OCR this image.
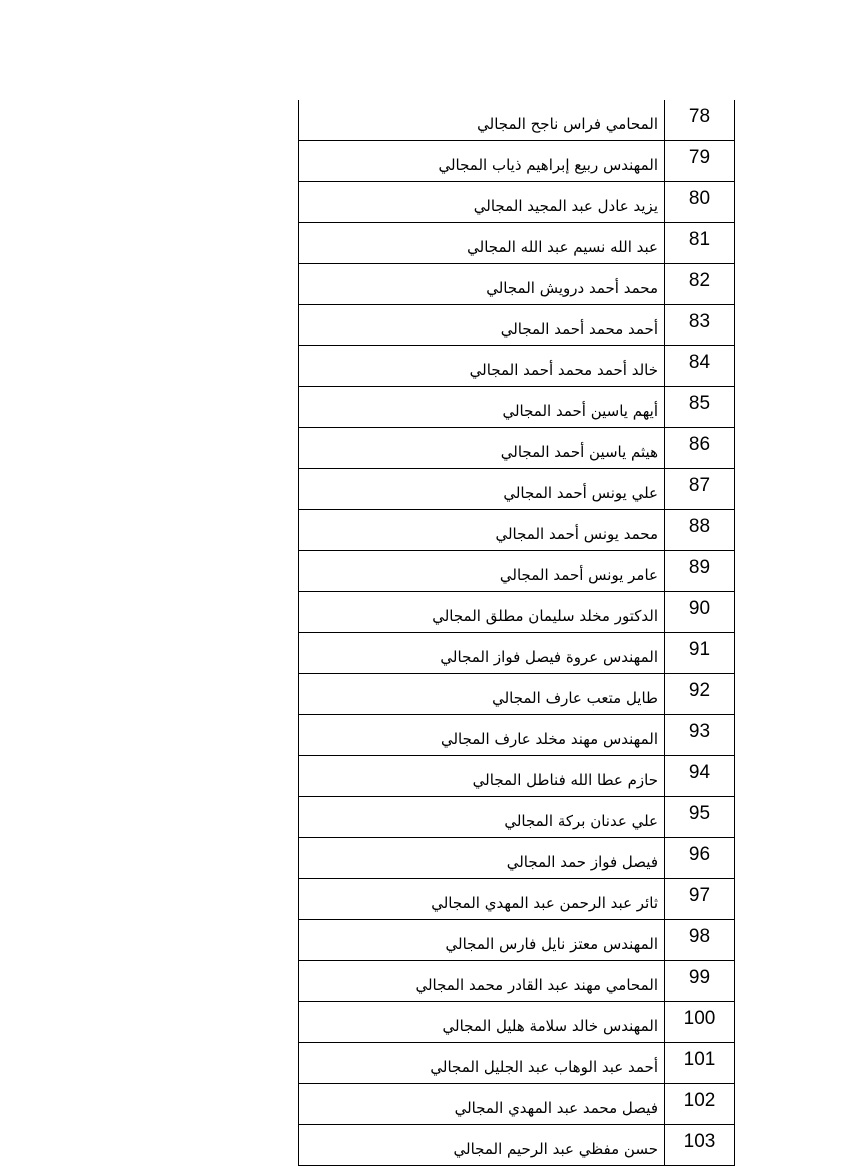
المحامي فراس ناجح المجالي	78
المهندس ربيع إبراهيم ذياب المجالي	79
يزيد عادل عبد المجيد المجالي	80
عبد الله نسيم عبد الله المجالي	81
محمد أحمد درويش المجالي	82
أحمد محمد أحمد المجالي	83
خالد أحمد محمد أحمد المجالي	84
أيهم ياسين أحمد المجالي	85
هيثم ياسين أحمد المجالي	86
علي يونس أحمد المجالي	87
محمد يونس أحمد المجالي	88
عامر يونس أحمد المجالي	89
الدكتور مخلد سليمان مطلق المجالي	90
المهندس عروة فيصل فواز المجالي	91
طايل متعب عارف المجالي	92
المهندس مهند مخلد عارف المجالي	93
حازم عطا الله فناطل المجالي	94
علي عدنان بركة المجالي	95
فيصل فواز حمد المجالي	96
ثائر عبد الرحمن عبد المهدي المجالي	97
المهندس معتز نايل فارس المجالي	98
المحامي مهند عبد القادر محمد المجالي	99
المهندس خالد سلامة هليل المجالي	100
أحمد عبد الوهاب عبد الجليل المجالي	101
فيصل محمد عبد المهدي المجالي	102
حسن مفظي عبد الرحيم المجالي	103
